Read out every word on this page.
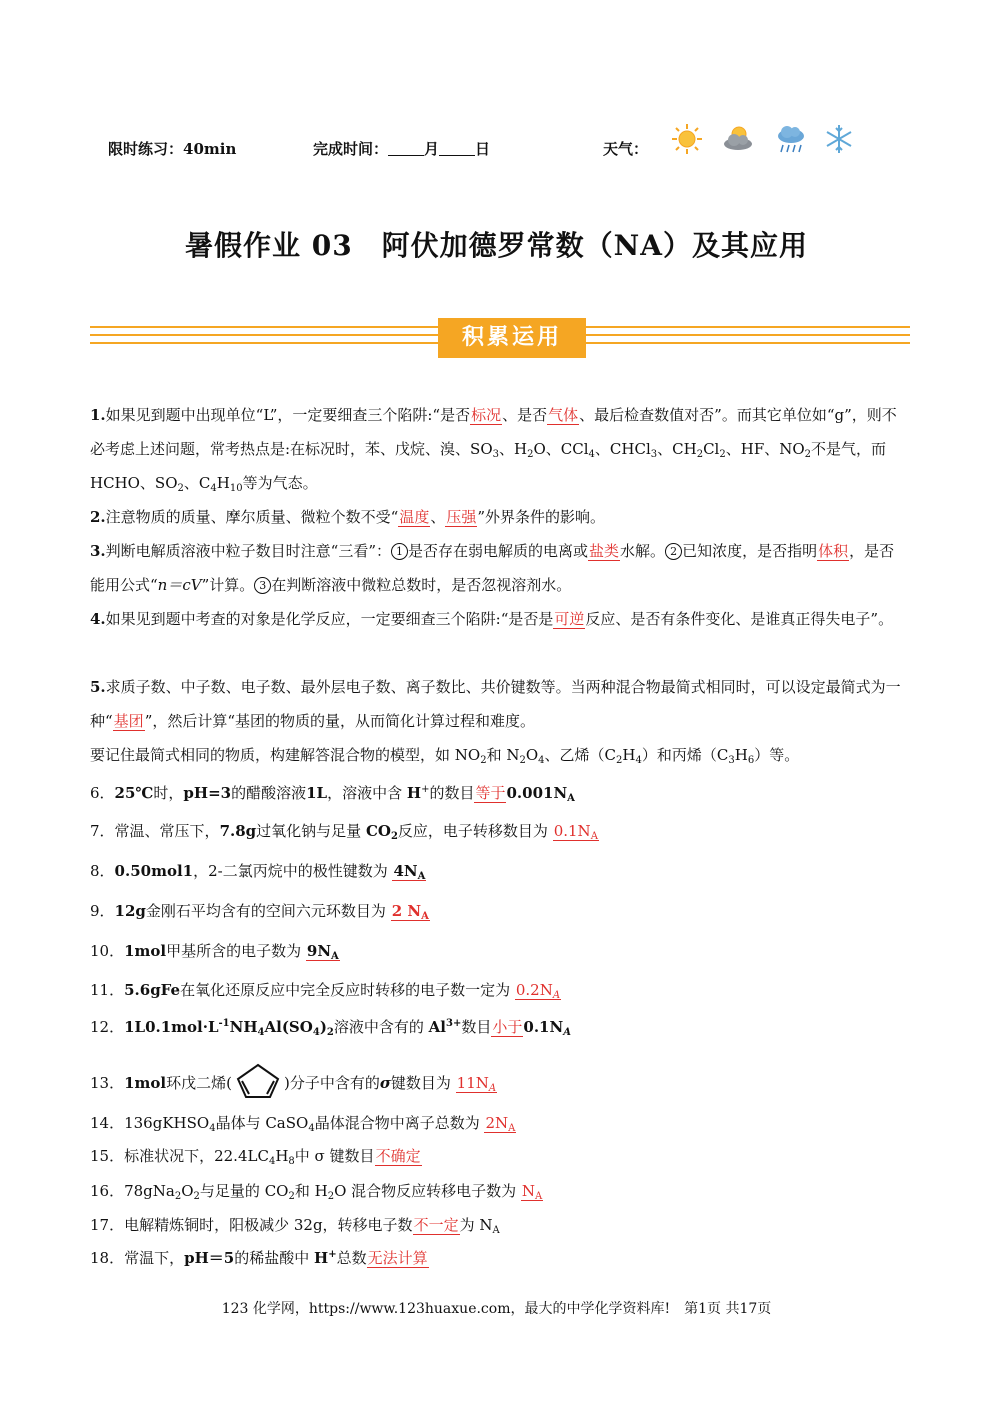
限时练习：40min	完成时间： 月 日	天气：
暑假作业 03　阿伏加德罗常数（NA）及其应用
积累运用
1.如果见到题中出现单位“L”，一定要细查三个陷阱:“是否标况、是否气体、最后检查数值对否”。而其它单位如“g”，则不必考虑上述问题，常考热点是:在标况时，苯、戊烷、溴、$SO_3$、$H_2O$、CCl$_4$、CHCl$_3$、$CH_2Cl_2$、HF、$NO_2$不是气，而 HCHO、$SO_2$、$C_4H_{10}$等为气态。
2.注意物质的质量、摩尔质量、微粒个数不受“温度、压强”外界条件的影响。
3.判断电解质溶液中粒子数目时注意“三看”： 1 是否存在弱电解质的电离或盐类水解。 2 已知浓度，是否指明体积，是否能用公式“n＝cV”计算。 3 在判断溶液中微粒总数时，是否忽视溶剂水。
4.如果见到题中考查的对象是化学反应，一定要细查三个陷阱:“是否是可逆反应、是否有条件变化、是谁真正得失电子”。
5.求质子数、中子数、电子数、最外层电子数、离子数比、共价键数等。当两种混合物最简式相同时，可以设定最简式为一种“基团”，然后计算“基团的物质的量，从而简化计算过程和难度。
要记住最简式相同的物质，构建解答混合物的模型，如 $NO_2$和 $N_2O_4$、乙烯$(C_2H_4)$和丙烯$(C_3H_6)$等。
6．25℃时，pH=3的醋酸溶液1L，溶液中含 H+的数目等于$0.001N_A$
7．常温、常压下，7.8g过氧化钠与足量 $CO_2$反应，电子转移数目为 $0.1N_A$
8．0.50mol1，2-二氯丙烷中的极性键数为 $4N_A$
9．12g金刚石平均含有的空间六元环数目为 2 $N_A$
10．1mol甲基所含的电子数为 $9N_A$
11．5.6gFe在氧化还原反应中完全反应时转移的电子数一定为 $0.2N_A$
12．$1L0.1mol\cdot L^{-1}NH_4Al(SO_4)_2$溶液中含有的 $Al^{3+}$数目小于$0.1N_A$
13．1mol环戊二烯(	)分子中含有的σ键数目为 $11N_A$
14．136gKHSO$_4$晶体与 CaSO$_4$晶体混合物中离子总数为 $2N_A$
15．标准状况下，$22.4LC_4H_8$中 σ 键数目不确定
16．$78gNa_2O_2$与足量的 $CO_2$和 $H_2O$ 混合物反应转移电子数为 $N_A$
17．电解精炼铜时，阳极减少 32g，转移电子数不一定为 $N_A$
18．常温下，pH＝5的稀盐酸中 H+总数无法计算
123 化学网，https://www.123huaxue.com，最大的中学化学资料库!　第1页 共17页
